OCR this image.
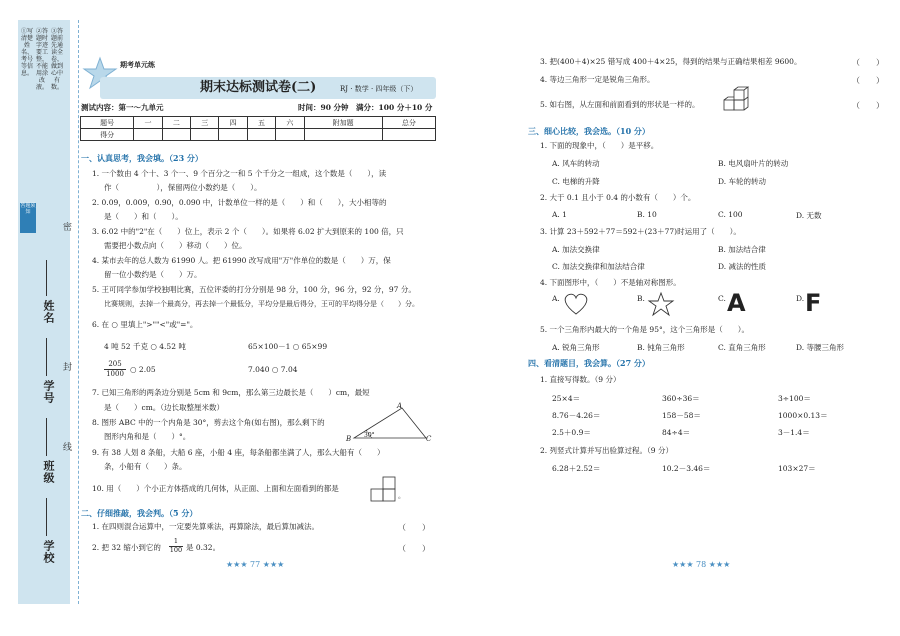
①写清楚姓名、考号等信息。
②答题时字迹要工整，不能用涂改液。
③答题前先通读全卷，做到心中有数。
答题须知
姓名
学号
班级
学校
密
封
线
期考单元练
期末达标测试卷(二)	RJ · 数学 · 四年级（下）
测试内容：第一～九单元	时间：90 分钟　满分：100 分＋10 分
题号	一	二	三	四	五	六	附加题	总分
得分								
一、认真思考，我会填。（23 分）
1. 一个数由 4 个十、3 个一、9 个百分之一和 5 个千分之一组成，这个数是（　　），读
作（　　　　　），保留两位小数约是（　　）。
2. 0.09，0.009，0.90，0.090 中，计数单位一样的是（　　）和（　　），大小相等的
是（　　）和（　　）。
3. 6.02 中的"2"在（　　）位上，表示 2 个（　　）。如果将 6.02 扩大到原来的 100 倍，只
需要把小数点向（　　）移动（　　）位。
4. 某市去年的总人数为 61990 人。把 61990 改写成用"万"作单位的数是（　　）万，保
留一位小数约是（　　）万。
5. 王可同学参加学校独唱比赛，五位评委的打分分别是 98 分，100 分，96 分，92 分，97 分。
比赛规则，去掉一个最高分，再去掉一个最低分，平均分是最后得分，王可的平均得分是（　　）分。
6. 在 ○ 里填上">""<"或"="。
4 吨 52 千克 ○ 4.52 吨	65×100－1 ○ 65×99
205
1000 ○ 2.05	7.040 ○ 7.04
7. 已知三角形的两条边分别是 5cm 和 9cm，那么第三边最长是（　　）cm，最短
是（　　）cm。（边长取整厘米数）
8. 图形 ABC 中的一个内角是 30°，剪去这个角(如右图)，那么剩下的
图形内角和是（　　）°。
A
B	C
30°
9. 有 38 人划 8 条船，大船 6 座，小船 4 座，每条船都坐满了人，那么大船有（　　）
条，小船有（　　）条。
10. 用（　　）个小正方体搭成的几何体，从正面、上面和左面看到的都是
。
二、仔细推敲，我会判。（5 分）
1. 在四则混合运算中，一定要先算乘法，再算除法，最后算加减法。	（　　）
2. 把 32 缩小到它的
1
100 是 0.32。	（　　）
★★★ 77 ★★★
3. 把(400＋4)×25 错写成 400＋4×25，得到的结果与正确结果相差 9600。	（　　）
4. 等边三角形一定是锐角三角形。	（　　）
5. 如右图，从左面和前面看到的形状是一样的。	（　　）
三、细心比较，我会选。（10 分）
1. 下面的现象中，（　　）是平移。
A. 风车的转动	B. 电风扇叶片的转动
C. 电梯的升降	D. 车轮的转动
2. 大于 0.1 且小于 0.4 的小数有（　　）个。
A. 1	B. 10	C. 100	D. 无数
3. 计算 23＋592＋77＝592＋(23＋77)时运用了（　　）。
A. 加法交换律	B. 加法结合律
C. 加法交换律和加法结合律	D. 减法的性质
4. 下面图形中，（　　）不是轴对称图形。
A.	B.	C. A	D. F
5. 一个三角形内最大的一个角是 95°，这个三角形是（　　）。
A. 锐角三角形	B. 钝角三角形	C. 直角三角形	D. 等腰三角形
四、看清题目，我会算。（27 分）
1. 直接写得数。（9 分）
25×4＝	360÷36＝	3÷100＝
8.76－4.26＝	158－58＝	1000×0.13＝
2.5＋0.9＝	84÷4＝	3－1.4＝
2. 列竖式计算并写出验算过程。（9 分）
6.28＋2.52＝	10.2－3.46＝	103×27＝
★★★ 78 ★★★
